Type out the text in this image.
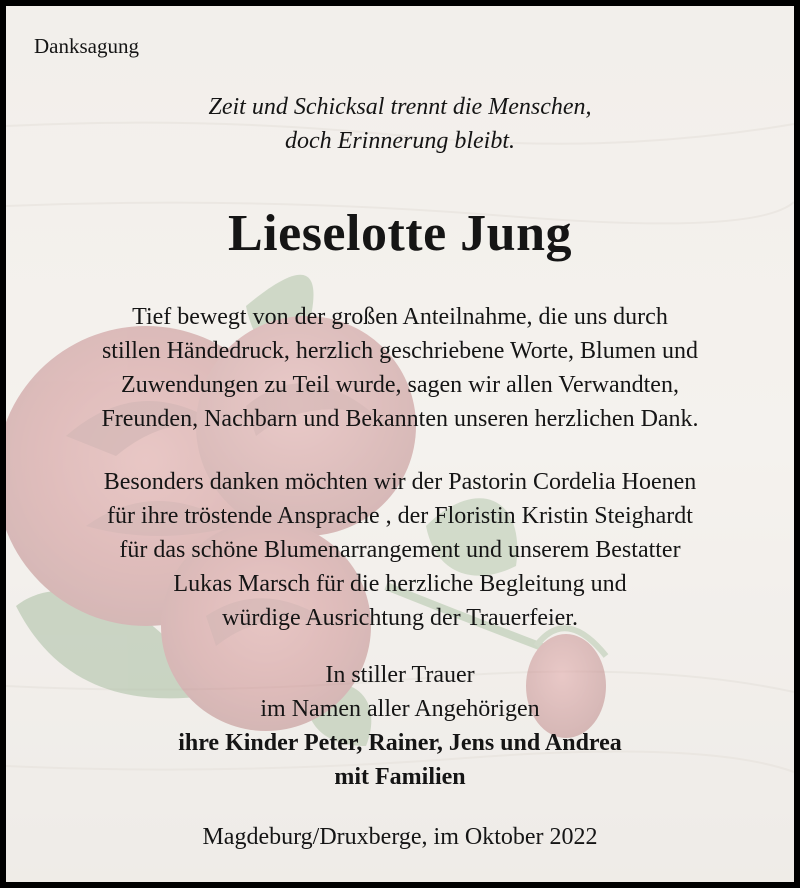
Danksagung

Zeit und Schicksal trennt die Menschen,
doch Erinnerung bleibt.

Lieselotte Jung

Tief bewegt von der großen Anteilnahme, die uns durch
stillen Händedruck, herzlich geschriebene Worte, Blumen und
Zuwendungen zu Teil wurde, sagen wir allen Verwandten,
Freunden, Nachbarn und Bekannten unseren herzlichen Dank.

Besonders danken möchten wir der Pastorin Cordelia Hoenen
für ihre tröstende Ansprache , der Floristin Kristin Steighardt
für das schöne Blumenarrangement und unserem Bestatter
Lukas Marsch für die herzliche Begleitung und
würdige Ausrichtung der Trauerfeier.

In stiller Trauer
im Namen aller Angehörigen
ihre Kinder Peter, Rainer, Jens und Andrea
mit Familien

Magdeburg/Druxberge, im Oktober 2022
